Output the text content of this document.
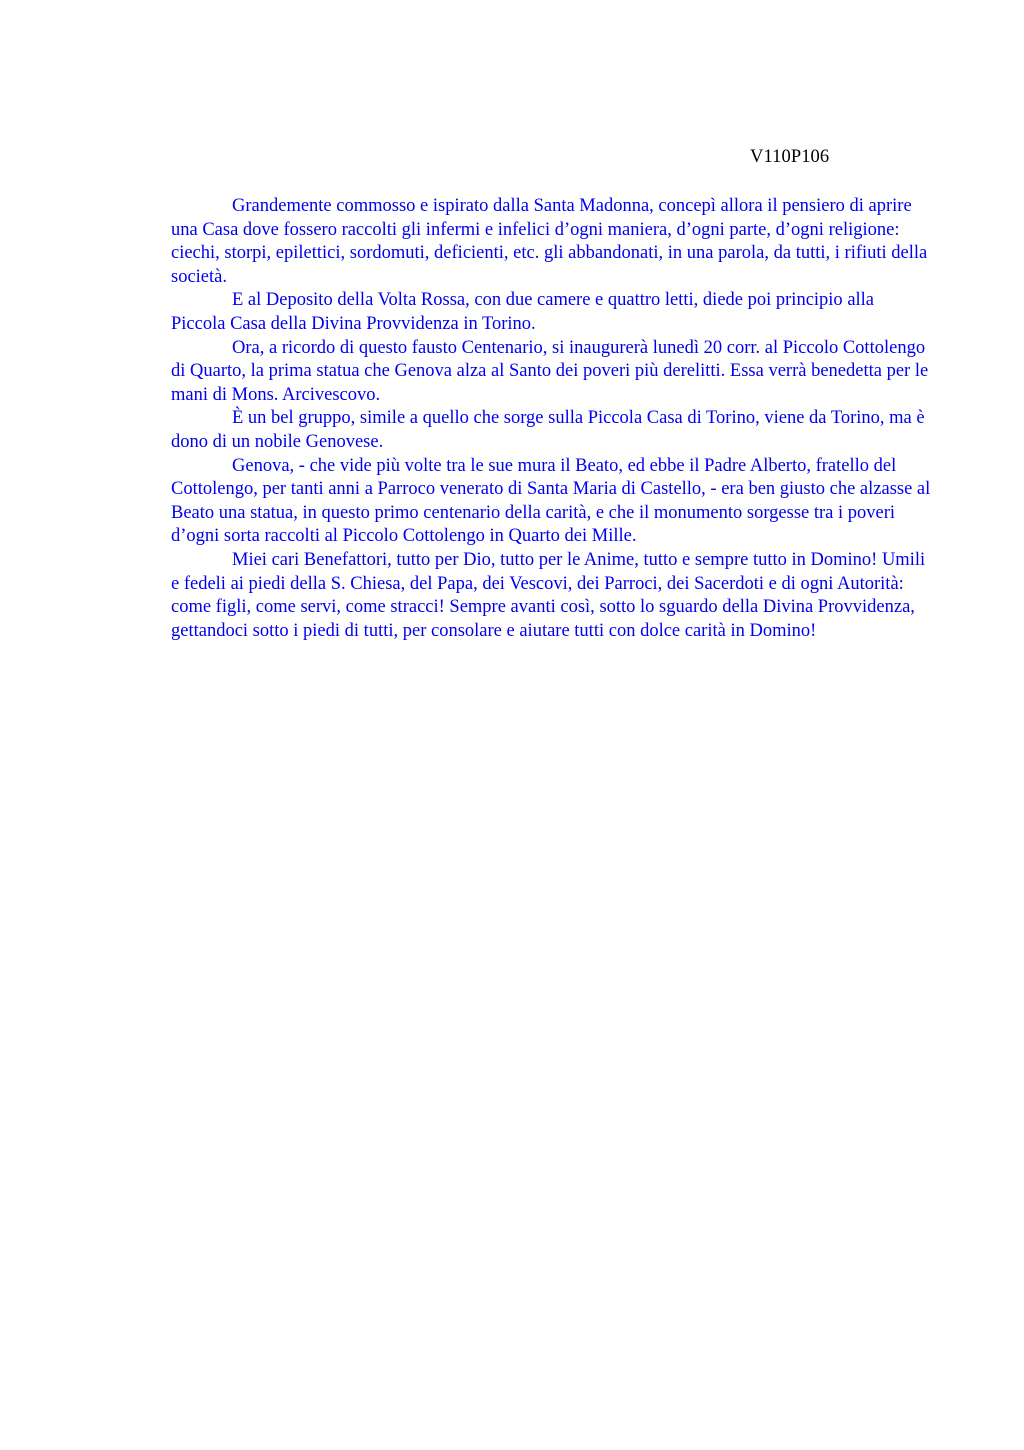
V110P106

Grandemente commosso e ispirato dalla Santa Madonna, concepì allora il pensiero di aprire una Casa dove fossero raccolti gli infermi e infelici d’ogni maniera, d’ogni parte, d’ogni religione: ciechi, storpi, epilettici, sordomuti, deficienti, etc. gli abbandonati, in una parola, da tutti, i rifiuti della società.

E al Deposito della Volta Rossa, con due camere e quattro letti, diede poi principio alla Piccola Casa della Divina Provvidenza in Torino.

Ora, a ricordo di questo fausto Centenario, si inaugurerà lunedì 20 corr. al Piccolo Cottolengo di Quarto, la prima statua che Genova alza al Santo dei poveri più derelitti. Essa verrà benedetta per le mani di Mons. Arcivescovo.

È un bel gruppo, simile a quello che sorge sulla Piccola Casa di Torino, viene da Torino, ma è dono di un nobile Genovese.

Genova, - che vide più volte tra le sue mura il Beato, ed ebbe il Padre Alberto, fratello del Cottolengo, per tanti anni a Parroco venerato di Santa Maria di Castello, - era ben giusto che alzasse al Beato una statua, in questo primo centenario della carità, e che il monumento sorgesse tra i poveri d’ogni sorta raccolti al Piccolo Cottolengo in Quarto dei Mille.

Miei cari Benefattori, tutto per Dio, tutto per le Anime, tutto e sempre tutto in Domino! Umili e fedeli ai piedi della S. Chiesa, del Papa, dei Vescovi, dei Parroci, dei Sacerdoti e di ogni Autorità: come figli, come servi, come stracci! Sempre avanti così, sotto lo sguardo della Divina Provvidenza, gettandoci sotto i piedi di tutti, per consolare e aiutare tutti con dolce carità in Domino!
